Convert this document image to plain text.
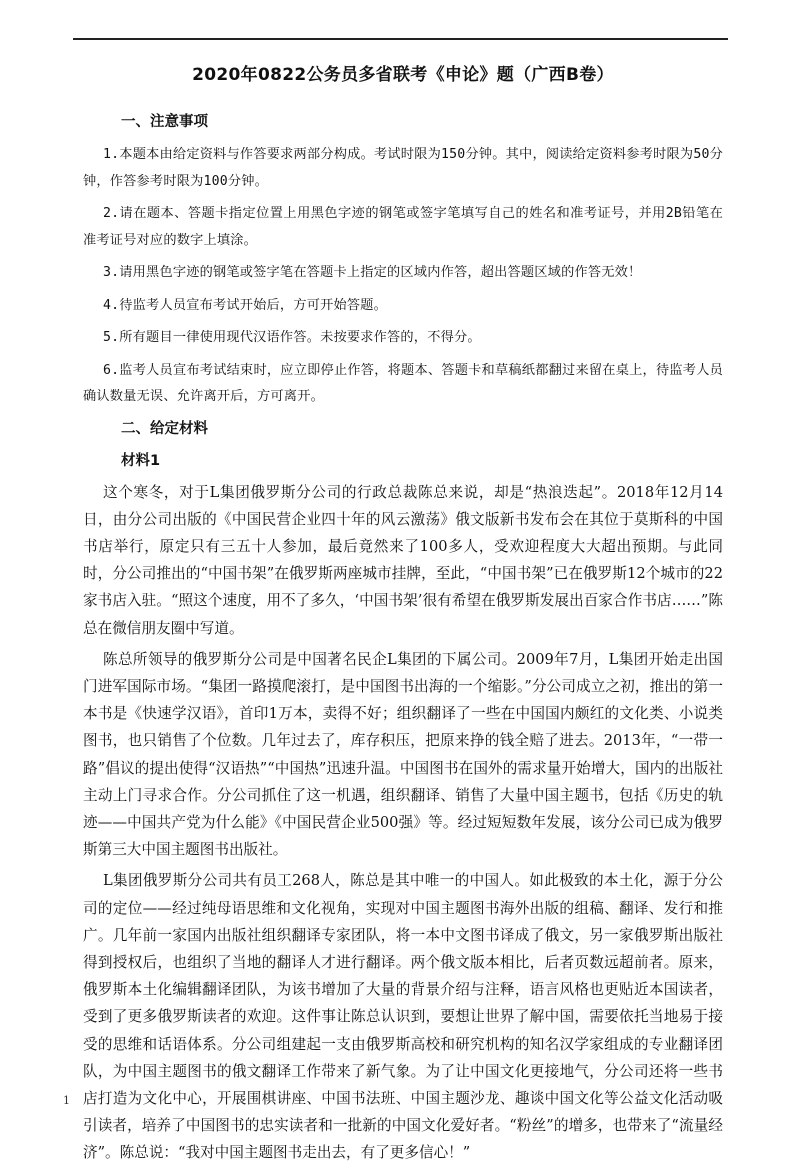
2020年0822公务员多省联考《申论》题（广西B卷）
一、注意事项
1.本题本由给定资料与作答要求两部分构成。考试时限为150分钟。其中，阅读给定资料参考时限为50分钟，作答参考时限为100分钟。
2.请在题本、答题卡指定位置上用黑色字迹的钢笔或签字笔填写自己的姓名和准考证号，并用2B铅笔在准考证号对应的数字上填涂。
3.请用黑色字迹的钢笔或签字笔在答题卡上指定的区域内作答，超出答题区域的作答无效！
4.待监考人员宣布考试开始后，方可开始答题。
5.所有题目一律使用现代汉语作答。未按要求作答的，不得分。
6.监考人员宣布考试结束时，应立即停止作答，将题本、答题卡和草稿纸都翻过来留在桌上，待监考人员确认数量无误、允许离开后，方可离开。
二、给定材料
材料1

这个寒冬，对于L集团俄罗斯分公司的行政总裁陈总来说，却是“热浪迭起”。2018年12月14日，由分公司出版的《中国民营企业四十年的风云激荡》俄文版新书发布会在其位于莫斯科的中国书店举行，原定只有三五十人参加，最后竟然来了100多人，受欢迎程度大大超出预期。与此同时，分公司推出的“中国书架”在俄罗斯两座城市挂牌，至此，“中国书架”已在俄罗斯12个城市的22家书店入驻。“照这个速度，用不了多久，‘中国书架’很有希望在俄罗斯发展出百家合作书店……”陈总在微信朋友圈中写道。

陈总所领导的俄罗斯分公司是中国著名民企L集团的下属公司。2009年7月，L集团开始走出国门进军国际市场。“集团一路摸爬滚打，是中国图书出海的一个缩影。”分公司成立之初，推出的第一本书是《快速学汉语》，首印1万本，卖得不好；组织翻译了一些在中国国内颇红的文化类、小说类图书，也只销售了个位数。几年过去了，库存积压，把原来挣的钱全赔了进去。2013年，“一带一路”倡议的提出使得“汉语热”“中国热”迅速升温。中国图书在国外的需求量开始增大，国内的出版社主动上门寻求合作。分公司抓住了这一机遇，组织翻译、销售了大量中国主题书，包括《历史的轨迹——中国共产党为什么能》《中国民营企业500强》等。经过短短数年发展，该分公司已成为俄罗斯第三大中国主题图书出版社。

L集团俄罗斯分公司共有员工268人，陈总是其中唯一的中国人。如此极致的本土化，源于分公司的定位——经过纯母语思维和文化视角，实现对中国主题图书海外出版的组稿、翻译、发行和推广。几年前一家国内出版社组织翻译专家团队，将一本中文图书译成了俄文，另一家俄罗斯出版社得到授权后，也组织了当地的翻译人才进行翻译。两个俄文版本相比，后者页数远超前者。原来，俄罗斯本土化编辑翻译团队，为该书增加了大量的背景介绍与注释，语言风格也更贴近本国读者，受到了更多俄罗斯读者的欢迎。这件事让陈总认识到，要想让世界了解中国，需要依托当地易于接受的思维和话语体系。分公司组建起一支由俄罗斯高校和研究机构的知名汉学家组成的专业翻译团队，为中国主题图书的俄文翻译工作带来了新气象。为了让中国文化更接地气，分公司还将一些书店打造为文化中心，开展围棋讲座、中国书法班、中国主题沙龙、趣谈中国文化等公益文化活动吸引读者，培养了中国图书的忠实读者和一批新的中国文化爱好者。“粉丝”的增多，也带来了“流量经济”。陈总说：“我对中国主题图书走出去，有了更多信心！”

1
